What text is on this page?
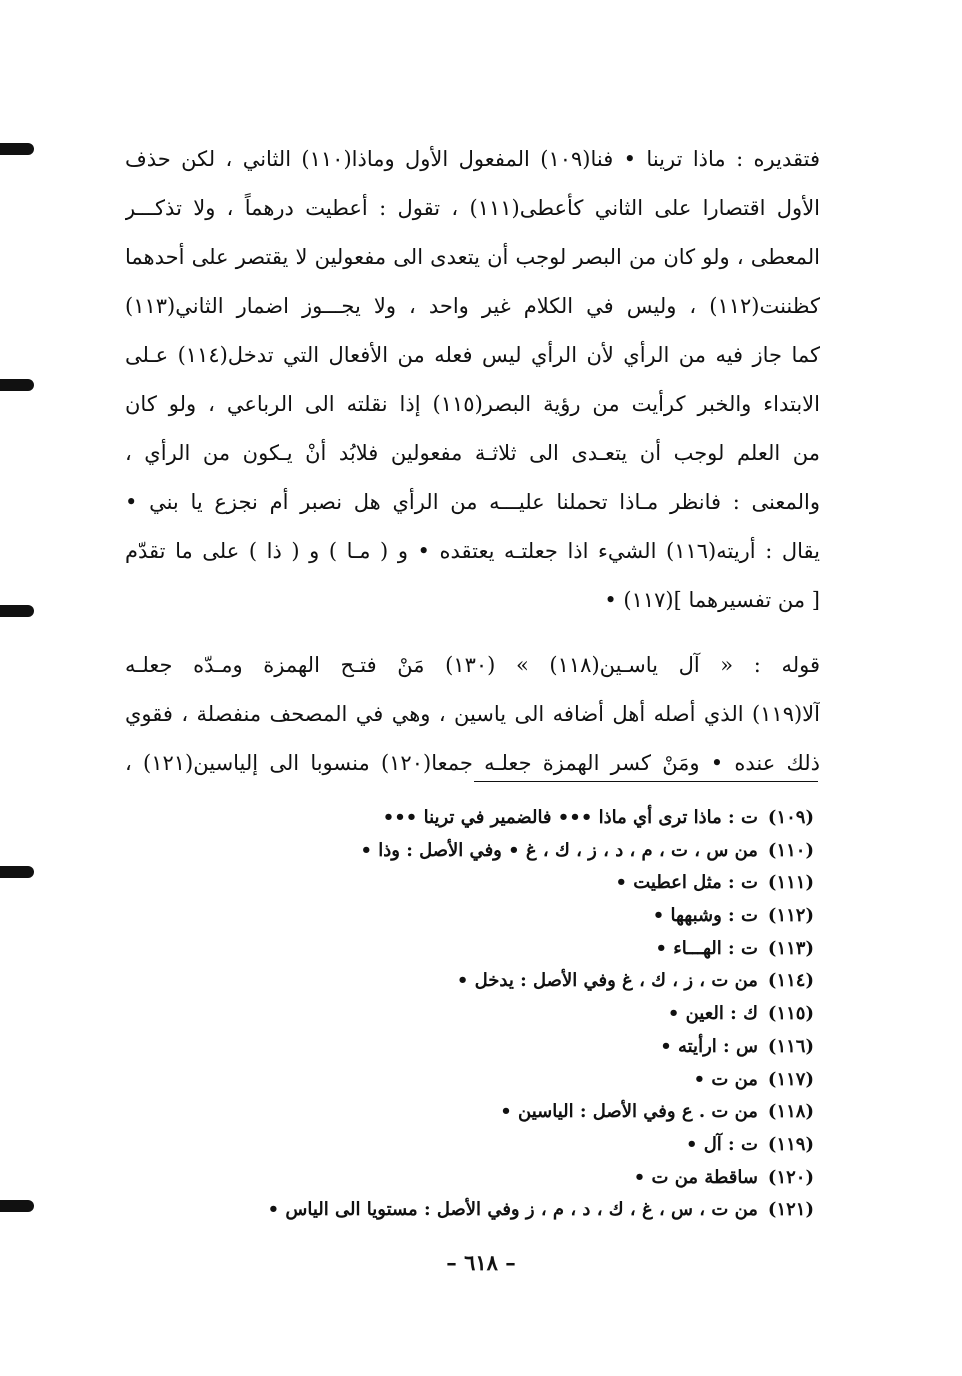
فتقديره : ماذا ترينا • فنا(١٠٩) المفعول الأول وماذا(١١٠) الثاني ، لكن حذف
الأول اقتصارا على الثاني كأعطى(١١١) ، تقول : أعطيت درهماً ، ولا تذكـــر
المعطى ، ولو كان من البصر لوجب أن يتعدى الى مفعولين لا يقتصر على أحدهما
كظننت(١١٢) ، وليس في الكلام غير واحد ، ولا يجـــوز اضمار الثاني(١١٣)
كما جاز فيه من الرأي لأن الرأي ليس فعله من الأفعال التي تدخل(١١٤) عـلى
الابتداء والخبر كرأيت من رؤية البصر(١١٥) إذا نقلته الى الرباعي ، ولو كان
من العلم لوجب أن يتعـدى الى ثلاثـة مفعولين فلابُد أنْ يـكون من الرأي ،
والمعنى : فانظر مـاذا تحملنا عليـــه من الرأي هل نصبر أم نجزع يا بني •
يقال : أريته(١١٦) الشيء اذا جعلتـه يعتقده • و ( مـا ) و ( ذا ) على ما تقدّم
[ من تفسيرهما ](١١٧) •
قوله : « آل ياسـين(١١٨) » (١٣٠) مَنْ فتـح الهمزة ومـدّه جعلـه
آلا(١١٩) الذي أصله أهل أضافه الى ياسين ، وهي في المصحف منفصلة ، فقوي
ذلك عنده • ومَنْ كسر الهمزة جعلـه جمعا(١٢٠) منسوبا الى إلياسين(١٢١) ،
(١٠٩)ت : ماذا ترى أي ماذا ••• فالضمير في ترينا •••
(١١٠)من س ، ت ، م ، د ، ز ، ك ، غ • وفي الأصل : وذا •
(١١١)ت : مثل اعطيت •
(١١٢)ت : وشبهها •
(١١٣)ت : الهـــاء •
(١١٤)من ت ، ز ، ك ، غ وفي الأصل : يدخل •
(١١٥)ك : العين •
(١١٦)س : ارأيته •
(١١٧)من ت •
(١١٨)من ت . ع وفي الأصل : الياسين •
(١١٩)ت : آل •
(١٢٠)ساقطة من ت •
(١٢١)من ت ، س ، غ ، ك ، د ، م ، ز وفي الأصل : مستويا الى الياس •
– ٦١٨ –
